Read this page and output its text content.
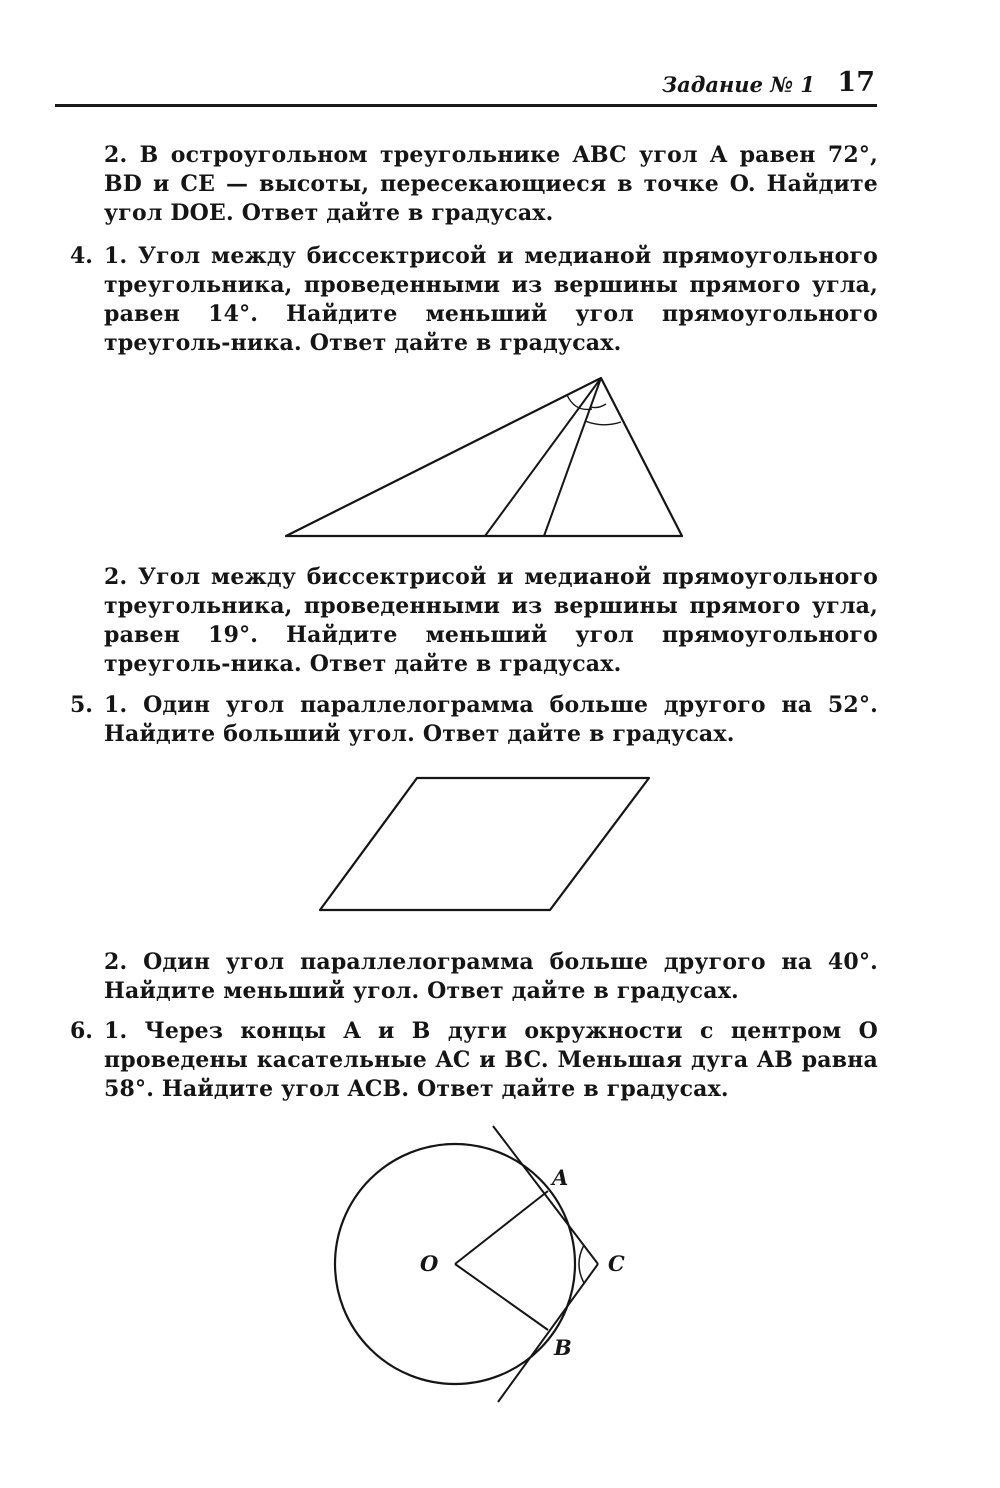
Задание № 1 17

2. В остроугольном треугольнике ABC угол A равен 72°, BD и CE — высоты, пересекающиеся в точке O. Найдите угол DOE. Ответ дайте в градусах.

4. 1. Угол между биссектрисой и медианой прямоугольного треугольника, проведенными из вершины прямого угла, равен 14°. Найдите меньший угол прямоугольного треуголь-ника. Ответ дайте в градусах.

2. Угол между биссектрисой и медианой прямоугольного треугольника, проведенными из вершины прямого угла, равен 19°. Найдите меньший угол прямоугольного треуголь-ника. Ответ дайте в градусах.

5. 1. Один угол параллелограмма больше другого на 52°. Найдите больший угол. Ответ дайте в градусах.

2. Один угол параллелограмма больше другого на 40°. Найдите меньший угол. Ответ дайте в градусах.

6. 1. Через концы A и B дуги окружности с центром O проведены касательные AC и BC. Меньшая дуга AB равна 58°. Найдите угол ACB. Ответ дайте в градусах.

A
B
C
O
